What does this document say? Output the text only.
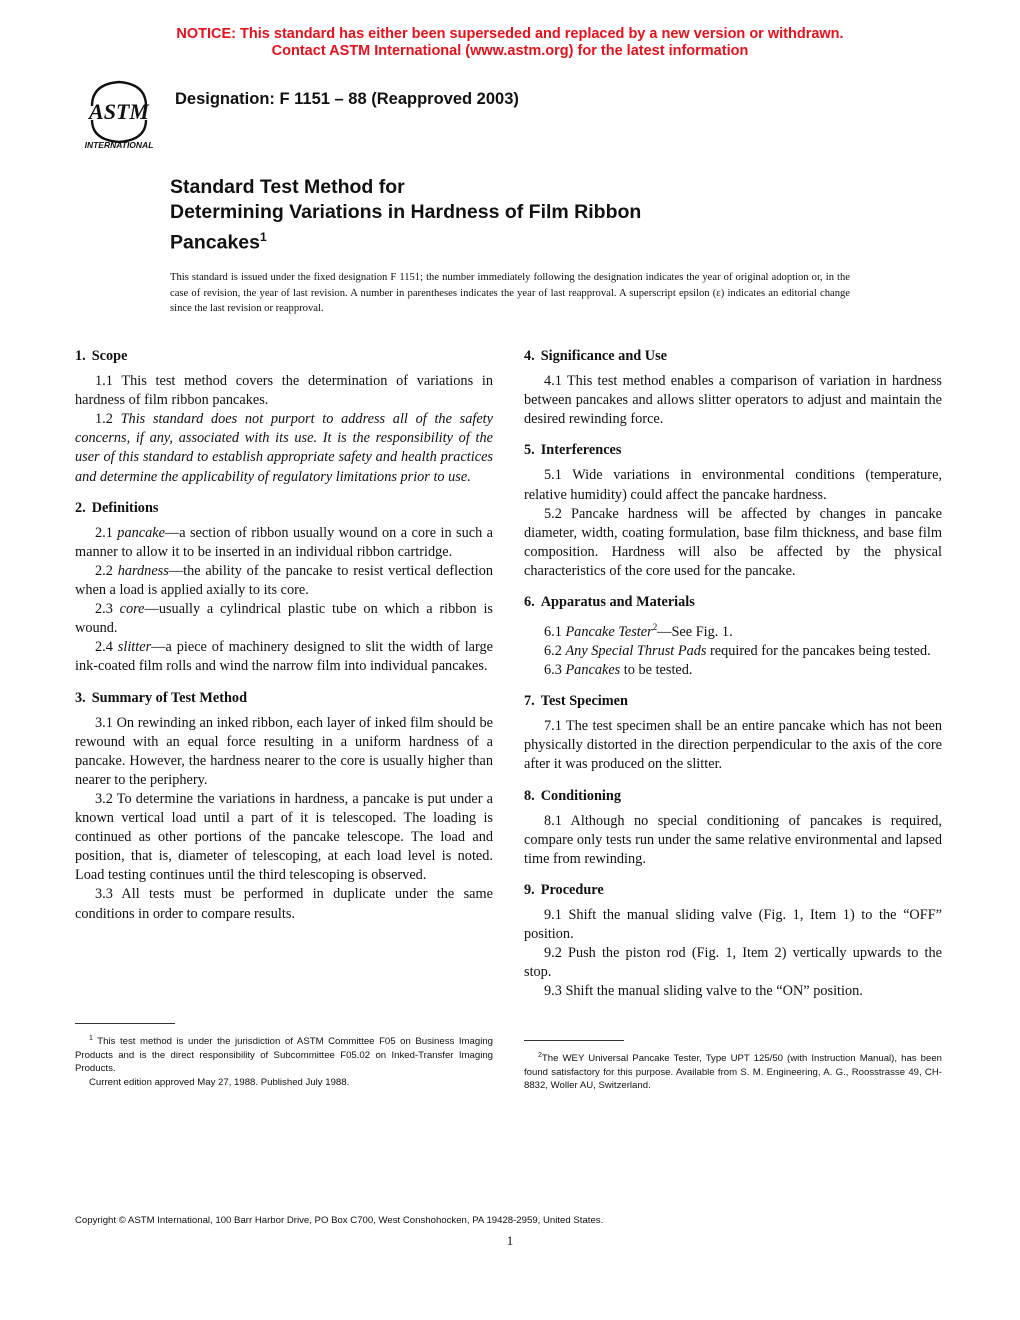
NOTICE: This standard has either been superseded and replaced by a new version or withdrawn.
Contact ASTM International (www.astm.org) for the latest information
ASTM
INTERNATIONAL
Designation: F 1151 – 88 (Reapproved 2003)
Standard Test Method for
Determining Variations in Hardness of Film Ribbon
Pancakes$^1$
This standard is issued under the fixed designation F 1151; the number immediately following the designation indicates the year of original adoption or, in the case of revision, the year of last revision. A number in parentheses indicates the year of last reapproval. A superscript epsilon (ε) indicates an editorial change since the last revision or reapproval.
1. Scope

1.1 This test method covers the determination of variations in hardness of film ribbon pancakes.

1.2 This standard does not purport to address all of the safety concerns, if any, associated with its use. It is the responsibility of the user of this standard to establish appropriate safety and health practices and determine the applicability of regulatory limitations prior to use.

2. Definitions

2.1 pancake—a section of ribbon usually wound on a core in such a manner to allow it to be inserted in an individual ribbon cartridge.

2.2 hardness—the ability of the pancake to resist vertical deflection when a load is applied axially to its core.

2.3 core—usually a cylindrical plastic tube on which a ribbon is wound.

2.4 slitter—a piece of machinery designed to slit the width of large ink-coated film rolls and wind the narrow film into individual pancakes.

3. Summary of Test Method

3.1 On rewinding an inked ribbon, each layer of inked film should be rewound with an equal force resulting in a uniform hardness of a pancake. However, the hardness nearer to the core is usually higher than nearer to the periphery.

3.2 To determine the variations in hardness, a pancake is put under a known vertical load until a part of it is telescoped. The loading is continued as other portions of the pancake telescope. The load and position, that is, diameter of telescoping, at each load level is noted. Load testing continues until the third telescoping is observed.

3.3 All tests must be performed in duplicate under the same conditions in order to compare results.

4. Significance and Use

4.1 This test method enables a comparison of variation in hardness between pancakes and allows slitter operators to adjust and maintain the desired rewinding force.

5. Interferences

5.1 Wide variations in environmental conditions (temperature, relative humidity) could affect the pancake hardness.

5.2 Pancake hardness will be affected by changes in pancake diameter, width, coating formulation, base film thickness, and base film composition. Hardness will also be affected by the physical characteristics of the core used for the pancake.

6. Apparatus and Materials

6.1 Pancake Tester$^2$—See Fig. 1.

6.2 Any Special Thrust Pads required for the pancakes being tested.

6.3 Pancakes to be tested.

7. Test Specimen

7.1 The test specimen shall be an entire pancake which has not been physically distorted in the direction perpendicular to the axis of the core after it was produced on the slitter.

8. Conditioning

8.1 Although no special conditioning of pancakes is required, compare only tests run under the same relative environmental and lapsed time from rewinding.

9. Procedure

9.1 Shift the manual sliding valve (Fig. 1, Item 1) to the “OFF” position.

9.2 Push the piston rod (Fig. 1, Item 2) vertically upwards to the stop.

9.3 Shift the manual sliding valve to the “ON” position.

$^1$ This test method is under the jurisdiction of ASTM Committee F05 on Business Imaging Products and is the direct responsibility of Subcommittee F05.02 on Inked-Transfer Imaging Products.

Current edition approved May 27, 1988. Published July 1988.

$^2$The WEY Universal Pancake Tester, Type UPT 125/50 (with Instruction Manual), has been found satisfactory for this purpose. Available from S. M. Engineering, A. G., Roosstrasse 49, CH-8832, Woller AU, Switzerland.

Copyright © ASTM International, 100 Barr Harbor Drive, PO Box C700, West Conshohocken, PA 19428-2959, United States.
1
